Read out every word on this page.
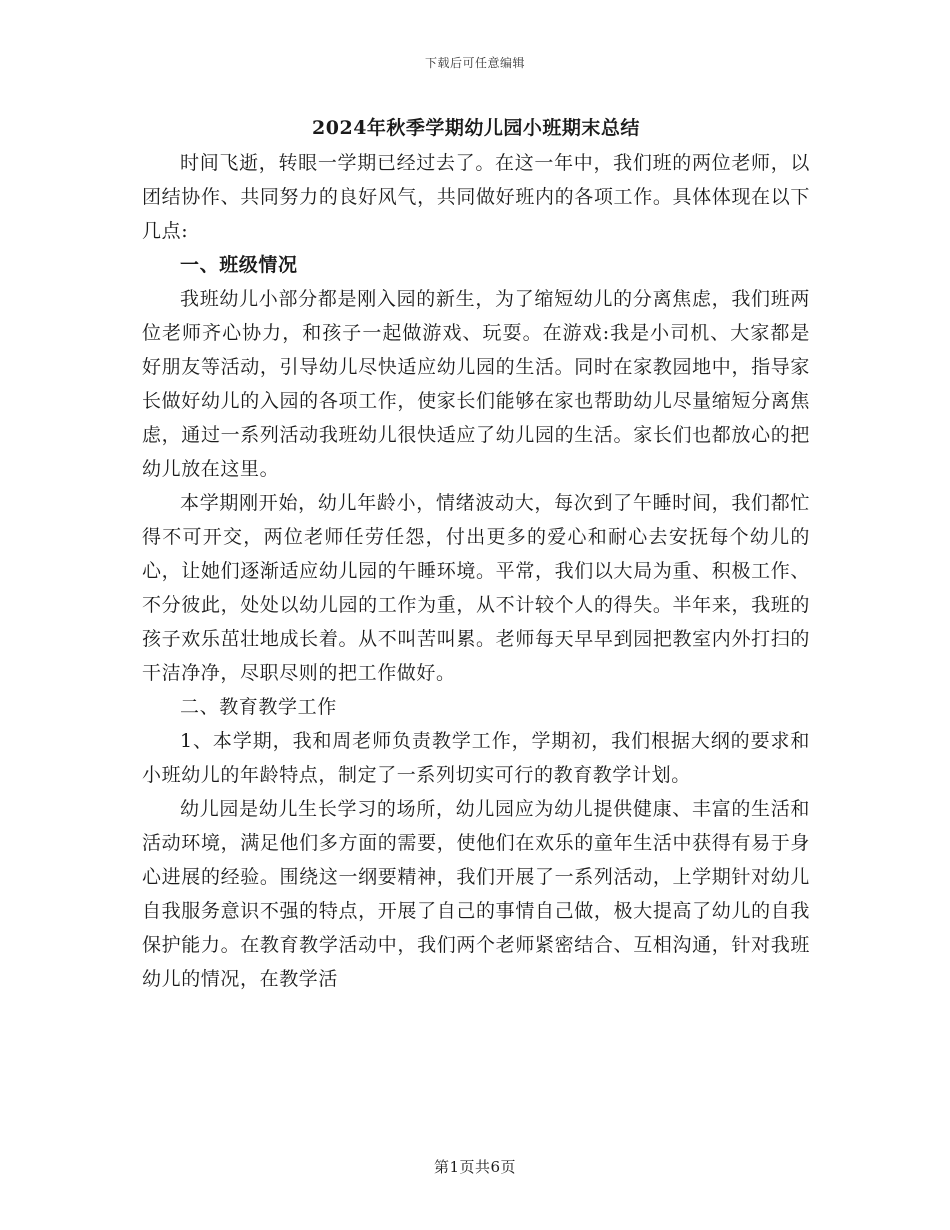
下载后可任意编辑

2024年秋季学期幼儿园小班期末总结

时间飞逝，转眼一学期已经过去了。在这一年中，我们班的两位老师，以团结协作、共同努力的良好风气，共同做好班内的各项工作。具体体现在以下几点:

一、班级情况

我班幼儿小部分都是刚入园的新生，为了缩短幼儿的分离焦虑，我们班两位老师齐心协力，和孩子一起做游戏、玩耍。在游戏:我是小司机、大家都是好朋友等活动，引导幼儿尽快适应幼儿园的生活。同时在家教园地中，指导家长做好幼儿的入园的各项工作，使家长们能够在家也帮助幼儿尽量缩短分离焦虑，通过一系列活动我班幼儿很快适应了幼儿园的生活。家长们也都放心的把幼儿放在这里。

本学期刚开始，幼儿年龄小，情绪波动大，每次到了午睡时间，我们都忙得不可开交，两位老师任劳任怨，付出更多的爱心和耐心去安抚每个幼儿的心，让她们逐渐适应幼儿园的午睡环境。平常，我们以大局为重、积极工作、不分彼此，处处以幼儿园的工作为重，从不计较个人的得失。半年来，我班的孩子欢乐茁壮地成长着。从不叫苦叫累。老师每天早早到园把教室内外打扫的干洁净净，尽职尽则的把工作做好。

二、教育教学工作

1、本学期，我和周老师负责教学工作，学期初，我们根据大纲的要求和小班幼儿的年龄特点，制定了一系列切实可行的教育教学计划。

幼儿园是幼儿生长学习的场所，幼儿园应为幼儿提供健康、丰富的生活和活动环境，满足他们多方面的需要，使他们在欢乐的童年生活中获得有易于身心进展的经验。围绕这一纲要精神，我们开展了一系列活动，上学期针对幼儿自我服务意识不强的特点，开展了自己的事情自己做，极大提高了幼儿的自我保护能力。在教育教学活动中，我们两个老师紧密结合、互相沟通，针对我班幼儿的情况，在教学活

第1页共6页
